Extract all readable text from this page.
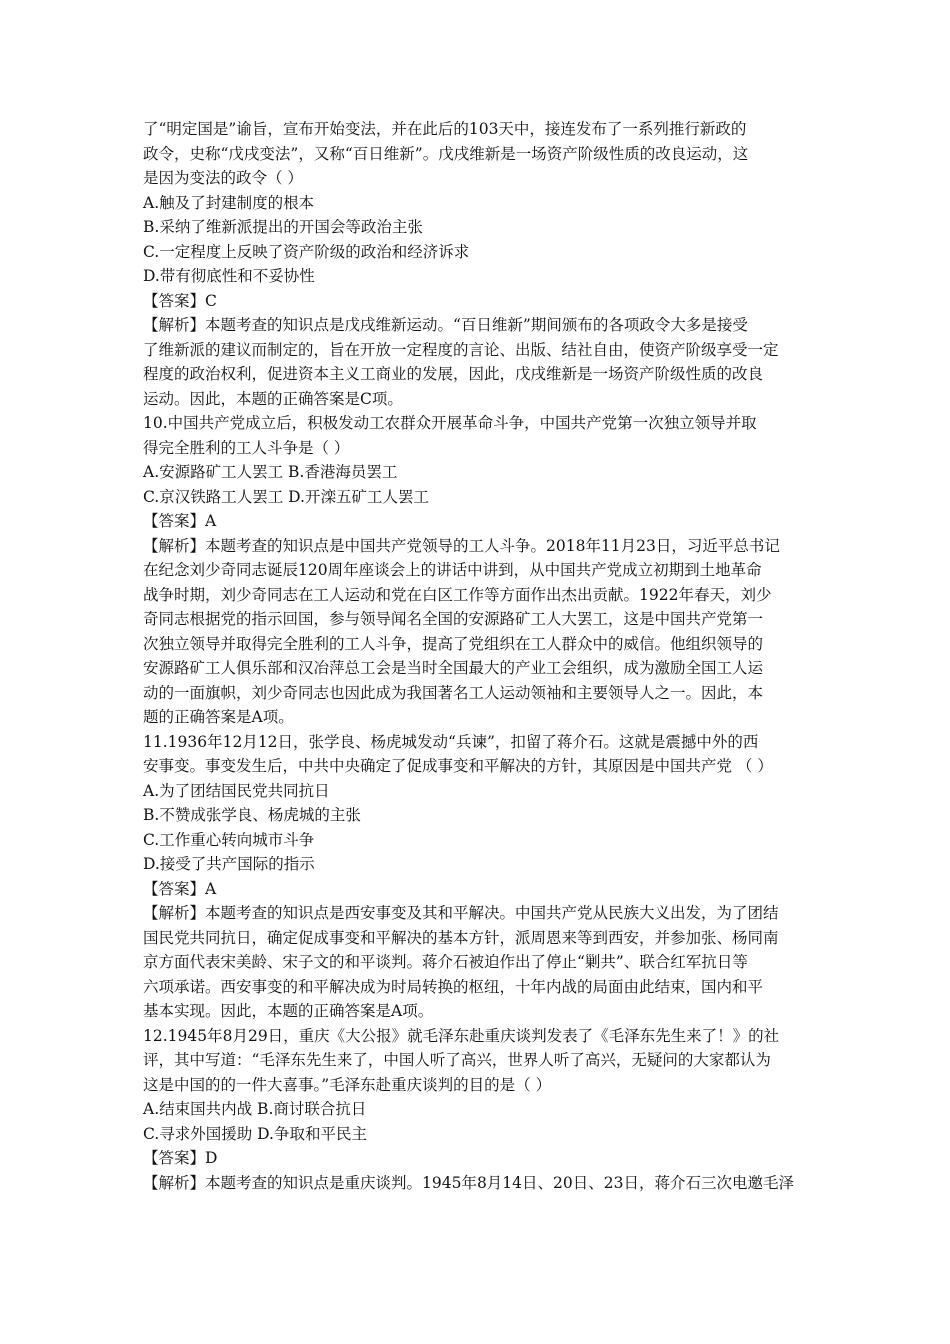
了“明定国是”谕旨，宣布开始变法，并在此后的103天中，接连发布了一系列推行新政的
政令，史称“戊戌变法”，又称“百日维新”。戊戌维新是一场资产阶级性质的改良运动，这
是因为变法的政令（ ）
A.触及了封建制度的根本
B.采纳了维新派提出的开国会等政治主张
C.一定程度上反映了资产阶级的政治和经济诉求
D.带有彻底性和不妥协性
【答案】C
【解析】本题考查的知识点是戊戌维新运动。“百日维新”期间颁布的各项政令大多是接受
了维新派的建议而制定的，旨在开放一定程度的言论、出版、结社自由，使资产阶级享受一定
程度的政治权利，促进资本主义工商业的发展，因此，戊戌维新是一场资产阶级性质的改良
运动。因此，本题的正确答案是C项。
10.中国共产党成立后，积极发动工农群众开展革命斗争，中国共产党第一次独立领导并取
得完全胜利的工人斗争是（ ）
A.安源路矿工人罢工 B.香港海员罢工
C.京汉铁路工人罢工 D.开滦五矿工人罢工
【答案】A
【解析】本题考查的知识点是中国共产党领导的工人斗争。2018年11月23日，习近平总书记
在纪念刘少奇同志诞辰120周年座谈会上的讲话中讲到，从中国共产党成立初期到土地革命
战争时期，刘少奇同志在工人运动和党在白区工作等方面作出杰出贡献。1922年春天，刘少
奇同志根据党的指示回国，参与领导闻名全国的安源路矿工人大罢工，这是中国共产党第一
次独立领导并取得完全胜利的工人斗争，提高了党组织在工人群众中的威信。他组织领导的
安源路矿工人俱乐部和汉冶萍总工会是当时全国最大的产业工会组织，成为激励全国工人运
动的一面旗帜，刘少奇同志也因此成为我国著名工人运动领袖和主要领导人之一。因此，本
题的正确答案是A项。
11.1936年12月12日，张学良、杨虎城发动“兵谏”，扣留了蒋介石。这就是震撼中外的西
安事变。事变发生后，中共中央确定了促成事变和平解决的方针，其原因是中国共产党 （ ）
A.为了团结国民党共同抗日
B.不赞成张学良、杨虎城的主张
C.工作重心转向城市斗争
D.接受了共产国际的指示
【答案】A
【解析】本题考查的知识点是西安事变及其和平解决。中国共产党从民族大义出发，为了团结
国民党共同抗日，确定促成事变和平解决的基本方针，派周恩来等到西安，并参加张、杨同南
京方面代表宋美龄、宋子文的和平谈判。蒋介石被迫作出了停止“剿共”、联合红军抗日等
六项承诺。西安事变的和平解决成为时局转换的枢纽，十年内战的局面由此结束，国内和平
基本实现。因此，本题的正确答案是A项。
12.1945年8月29日，重庆《大公报》就毛泽东赴重庆谈判发表了《毛泽东先生来了！》的社
评，其中写道：“毛泽东先生来了，中国人听了高兴，世界人听了高兴，无疑问的大家都认为
这是中国的的一件大喜事。”毛泽东赴重庆谈判的目的是（ ）
A.结束国共内战 B.商讨联合抗日
C.寻求外国援助 D.争取和平民主
【答案】D
【解析】本题考查的知识点是重庆谈判。1945年8月14日、20日、23日，蒋介石三次电邀毛泽
